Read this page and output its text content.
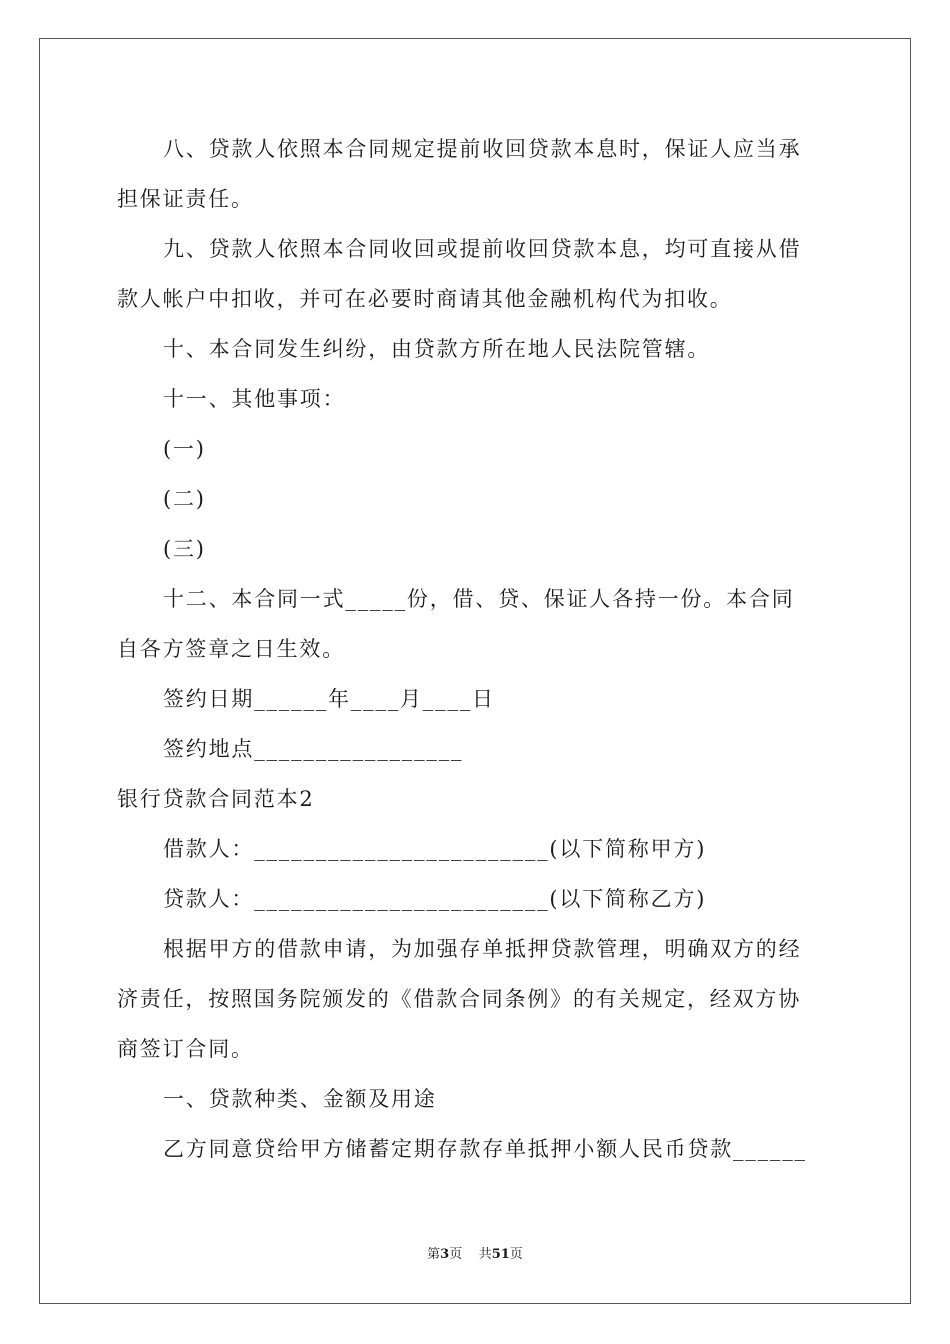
八、贷款人依照本合同规定提前收回贷款本息时，保证人应当承
担保证责任。
九、贷款人依照本合同收回或提前收回贷款本息，均可直接从借
款人帐户中扣收，并可在必要时商请其他金融机构代为扣收。
十、本合同发生纠纷，由贷款方所在地人民法院管辖。
十一、其他事项：
(一)
(二)
(三)
十二、本合同一式_____份，借、贷、保证人各持一份。本合同
自各方签章之日生效。
签约日期______年____月____日
签约地点_________________
银行贷款合同范本2
借款人：________________________(以下简称甲方)
贷款人：________________________(以下简称乙方)
根据甲方的借款申请，为加强存单抵押贷款管理，明确双方的经
济责任，按照国务院颁发的《借款合同条例》的有关规定，经双方协
商签订合同。
一、贷款种类、金额及用途
乙方同意贷给甲方储蓄定期存款存单抵押小额人民币贷款______
第3页 共51页
